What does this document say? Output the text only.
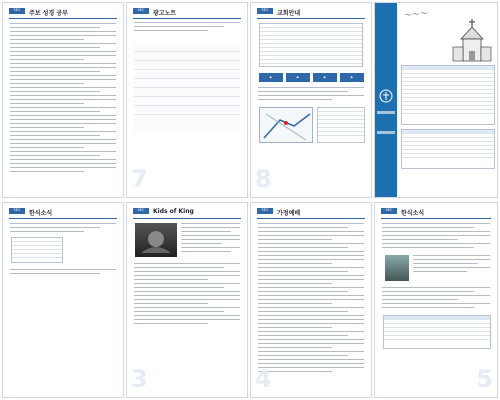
SEC	주보 성경 공부	SEC	광고노트
7
SEC	교회안내
▶	▶	▶	▶
8
〜〜〜
SEC	한식소식	SEC	Kids of King
3
SEC	가정예배
4
SEC	한식소식
5
